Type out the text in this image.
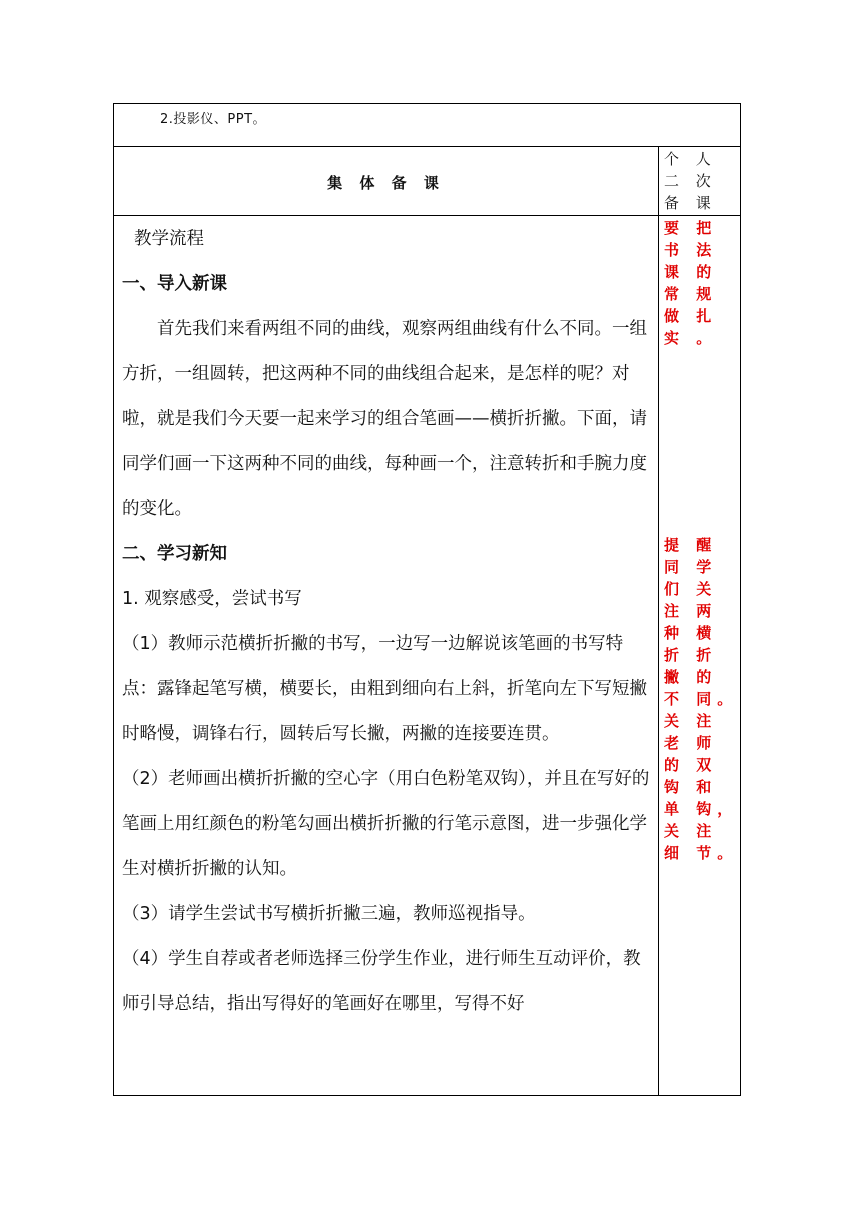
2.投影仪、PPT。
集 体 备 课
个 人
二 次
备 课
要 把
书 法
课 的
常 规
做 扎
实 。
提 醒
同 学
们 关
注 两
种 横
折 折
撇 的
不 同。
关 注
老 师
的 双
钩 和
单 钩，
关 注
细 节。

教学流程

一、导入新课

首先我们来看两组不同的曲线，观察两组曲线有什么不同。一组方折，一组圆转，把这两种不同的曲线组合起来，是怎样的呢？对啦，就是我们今天要一起来学习的组合笔画——横折折撇。下面，请同学们画一下这两种不同的曲线，每种画一个，注意转折和手腕力度的变化。

二、学习新知

1. 观察感受，尝试书写

（1）教师示范横折折撇的书写，一边写一边解说该笔画的书写特点：露锋起笔写横，横要长，由粗到细向右上斜，折笔向左下写短撇时略慢，调锋右行，圆转后写长撇，两撇的连接要连贯。

（2）老师画出横折折撇的空心字（用白色粉笔双钩），并且在写好的笔画上用红颜色的粉笔勾画出横折折撇的行笔示意图，进一步强化学生对横折折撇的认知。

（3）请学生尝试书写横折折撇三遍，教师巡视指导。

（4）学生自荐或者老师选择三份学生作业，进行师生互动评价，教师引导总结，指出写得好的笔画好在哪里，写得不好
